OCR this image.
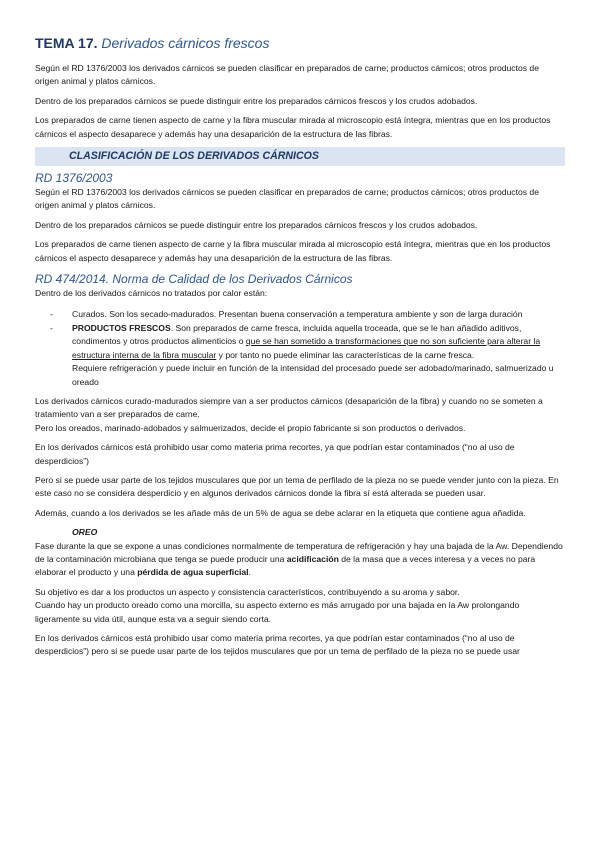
TEMA 17. Derivados cárnicos frescos

Según el RD 1376/2003 los derivados cárnicos se pueden clasificar en preparados de carne; productos cárnicos; otros productos de origen animal y platos cárnicos.

Dentro de los preparados cárnicos se puede distinguir entre los preparados cárnicos frescos y los crudos adobados.

Los preparados de carne tienen aspecto de carne y la fibra muscular mirada al microscopio está íntegra, mientras que en los productos cárnicos el aspecto desaparece y además hay una desaparición de la estructura de las fibras.

CLASIFICACIÓN DE LOS DERIVADOS CÁRNICOS
RD 1376/2003

Según el RD 1376/2003 los derivados cárnicos se pueden clasificar en preparados de carne; productos cárnicos; otros productos de origen animal y platos cárnicos.

Dentro de los preparados cárnicos se puede distinguir entre los preparados cárnicos frescos y los crudos adobados.

Los preparados de carne tienen aspecto de carne y la fibra muscular mirada al microscopio está íntegra, mientras que en los productos cárnicos el aspecto desaparece y además hay una desaparición de la estructura de las fibras.

RD 474/2014. Norma de Calidad de los Derivados Cárnicos

Dentro de los derivados cárnicos no tratados por calor están:

- Curados. Son los secado-madurados. Presentan buena conservación a temperatura ambiente y son de larga duración
- PRODUCTOS FRESCOS. Son preparados de carne fresca, incluida aquella troceada, que se le han añadido aditivos, condimentos y otros productos alimenticios o que se han sometido a transformaciones que no son suficiente para alterar la estructura interna de la fibra muscular y por tanto no puede eliminar las características de la carne fresca.
Requiere refrigeración y puede incluir en función de la intensidad del procesado puede ser adobado/marinado, salmuerizado u oreado

Los derivados cárnicos curado-madurados siempre van a ser productos cárnicos (desaparición de la fibra) y cuando no se someten a tratamiento van a ser preparados de carne.

Pero los oreados, marinado-adobados y salmuerizados, decide el propio fabricante si son productos o derivados.

En los derivados cárnicos está prohibido usar como materia prima recortes, ya que podrían estar contaminados (“no al uso de desperdicios”)

Pero si se puede usar parte de los tejidos musculares que por un tema de perfilado de la pieza no se puede vender junto con la pieza. En este caso no se considera desperdicio y en algunos derivados cárnicos donde la fibra sí está alterada se pueden usar.

Además, cuando a los derivados se les añade más de un 5% de agua se debe aclarar en la etiqueta que contiene agua añadida.

OREO

Fase durante la que se expone a unas condiciones normalmente de temperatura de refrigeración y hay una bajada de la Aw. Dependiendo de la contaminación microbiana que tenga se puede producir una acidificación de la masa que a veces interesa y a veces no para elaborar el producto y una pérdida de agua superficial.

Su objetivo es dar a los productos un aspecto y consistencia característicos, contribuyendo a su aroma y sabor.

Cuando hay un producto oreado como una morcilla, su aspecto externo es más arrugado por una bajada en la Aw prolongando ligeramente su vida útil, aunque esta va a seguir siendo corta.

En los derivados cárnicos está prohibido usar como materia prima recortes, ya que podrían estar contaminados (“no al uso de desperdicios”) pero si se puede usar parte de los tejidos musculares que por un tema de perfilado de la pieza no se puede usar
